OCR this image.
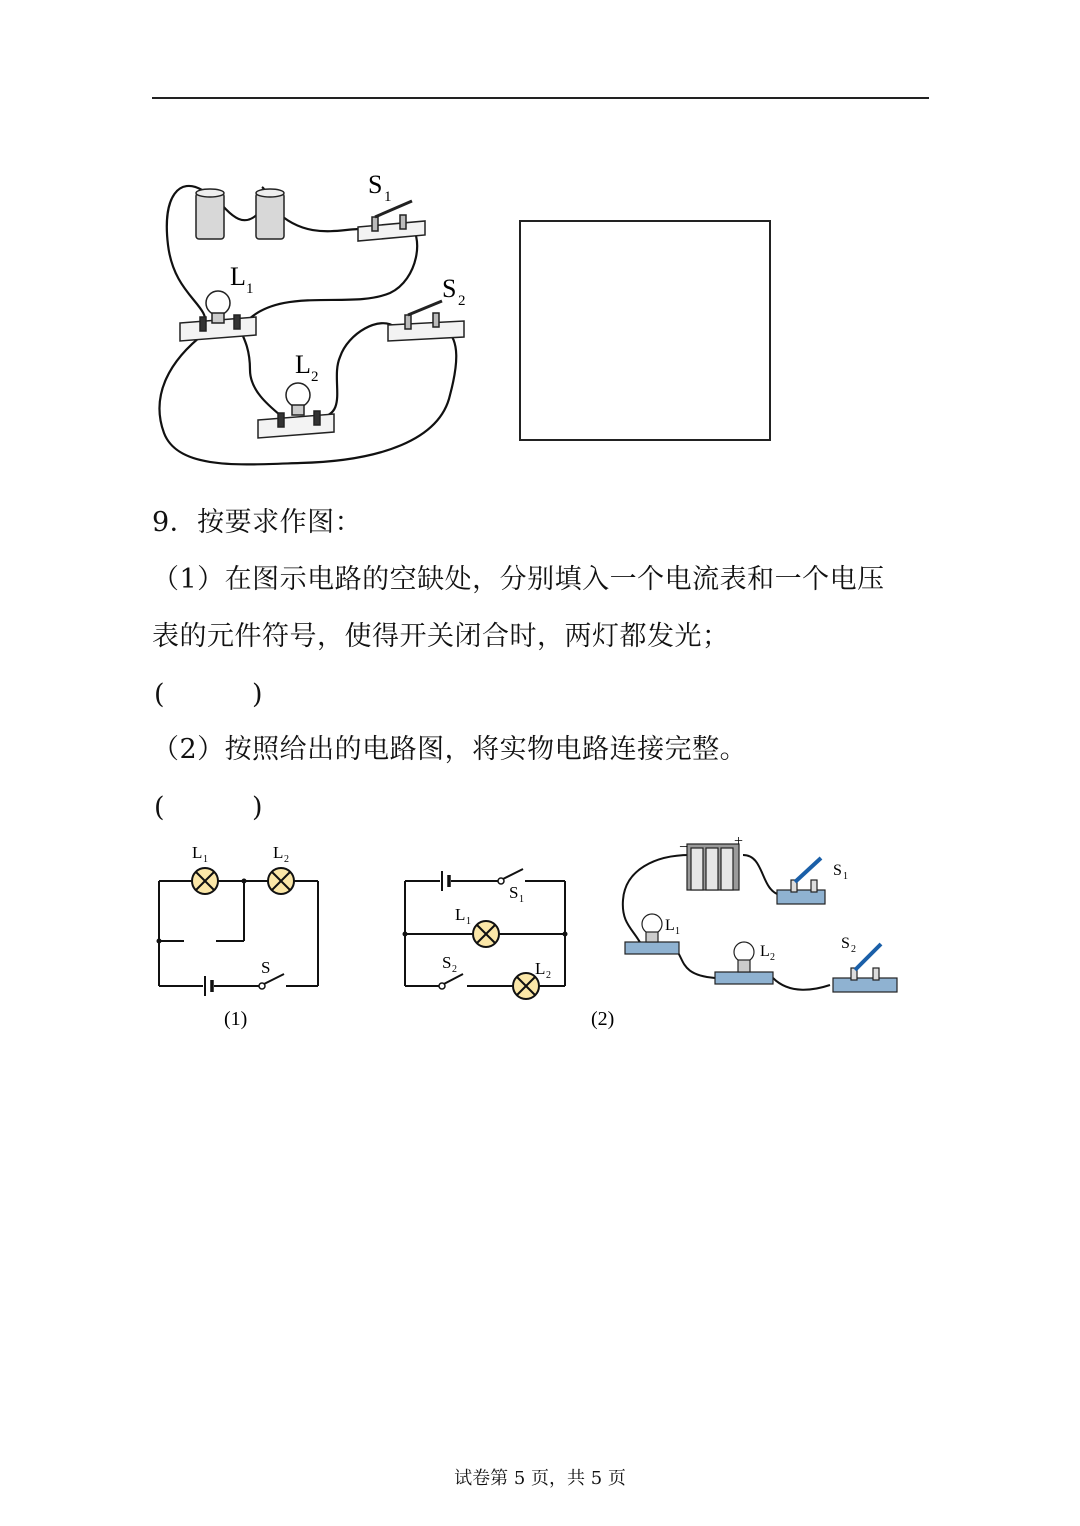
S 1
S 2
L 1
L 2
9．按要求作图：
（1）在图示电路的空缺处，分别填入一个电流表和一个电压
表的元件符号，使得开关闭合时，两灯都发光；
(	)
（2）按照给出的电路图，将实物电路连接完整。
(	)
L 1	L 2
S
(1)
S 1
L 1
S 2	L 2
(2)
−	+
S 1
L 1
L 2
S 2
试卷第 5 页，共 5 页
